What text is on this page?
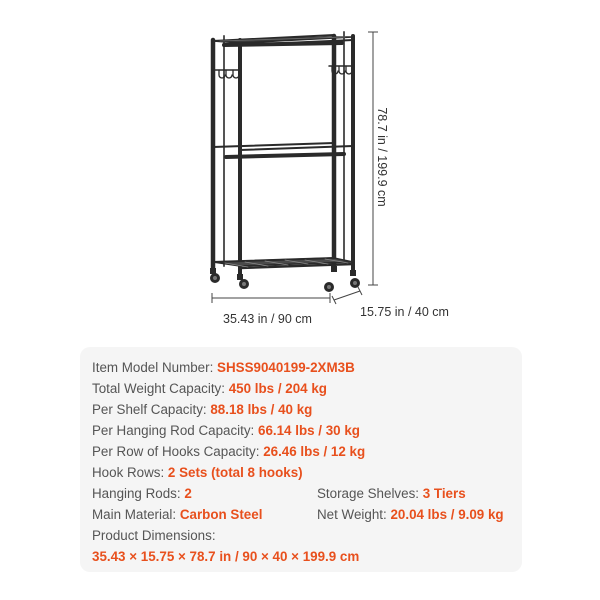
35.43 in / 90 cm	15.75 in / 40 cm
78.7 in / 199.9 cm
Item Model Number: SHSS9040199-2XM3B
Total Weight Capacity: 450 lbs / 204 kg
Per Shelf Capacity: 88.18 lbs / 40 kg
Per Hanging Rod Capacity: 66.14 lbs / 30 kg
Per Row of Hooks Capacity: 26.46 lbs / 12 kg
Hook Rows: 2 Sets (total 8 hooks)
Hanging Rods: 2	Storage Shelves: 3 Tiers
Main Material: Carbon Steel	Net Weight: 20.04 lbs / 9.09 kg
Product Dimensions:
35.43 × 15.75 × 78.7 in / 90 × 40 × 199.9 cm
